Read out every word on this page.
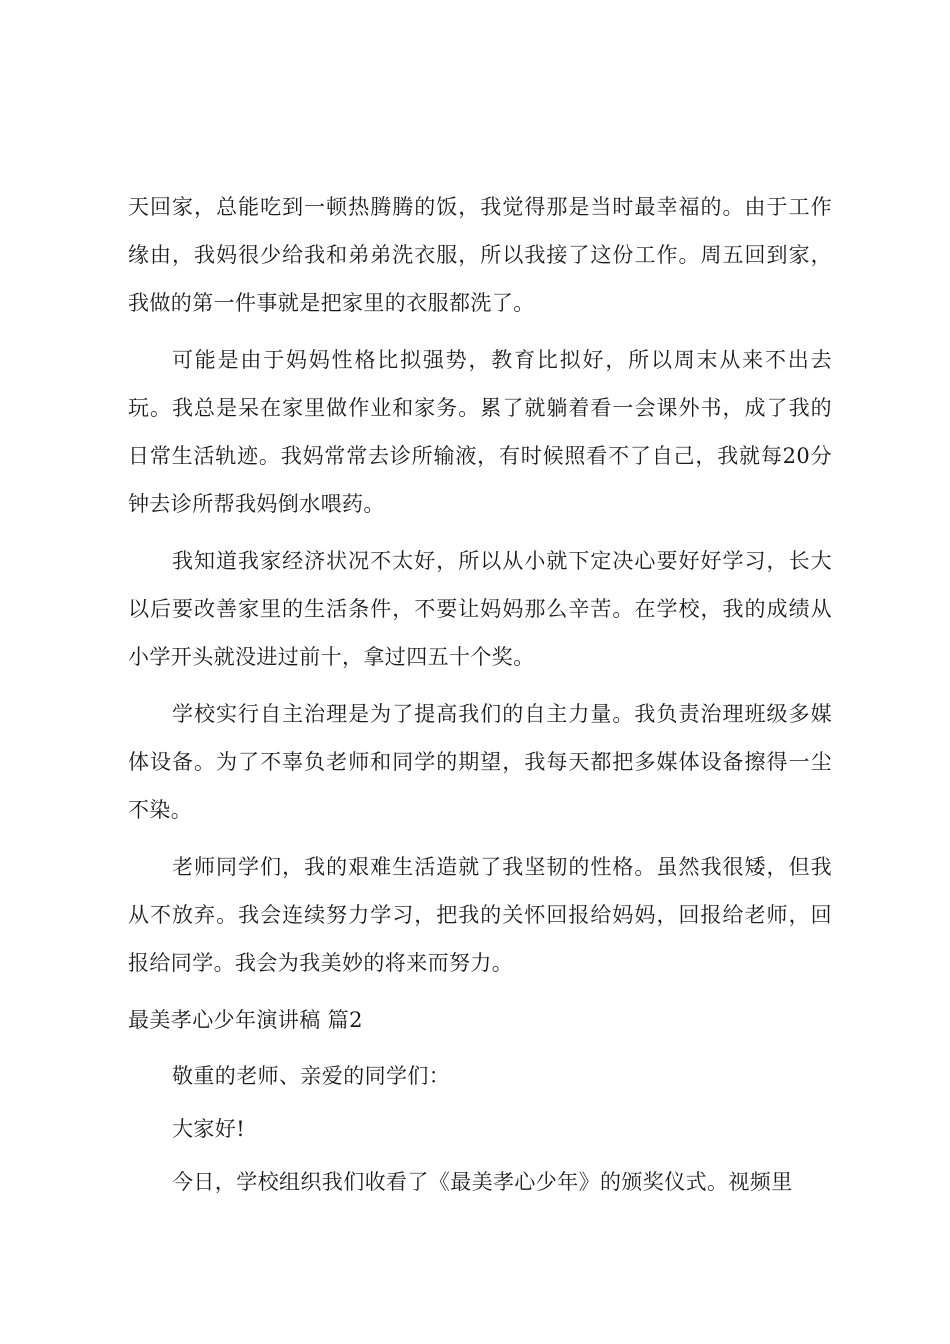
天回家，总能吃到一顿热腾腾的饭，我觉得那是当时最幸福的。由于工作缘由，我妈很少给我和弟弟洗衣服，所以我接了这份工作。周五回到家，我做的第一件事就是把家里的衣服都洗了。

可能是由于妈妈性格比拟强势，教育比拟好，所以周末从来不出去玩。我总是呆在家里做作业和家务。累了就躺着看一会课外书，成了我的日常生活轨迹。我妈常常去诊所输液，有时候照看不了自己，我就每20分钟去诊所帮我妈倒水喂药。

我知道我家经济状况不太好，所以从小就下定决心要好好学习，长大以后要改善家里的生活条件，不要让妈妈那么辛苦。在学校，我的成绩从小学开头就没进过前十，拿过四五十个奖。

学校实行自主治理是为了提高我们的自主力量。我负责治理班级多媒体设备。为了不辜负老师和同学的期望，我每天都把多媒体设备擦得一尘不染。

老师同学们，我的艰难生活造就了我坚韧的性格。虽然我很矮，但我从不放弃。我会连续努力学习，把我的关怀回报给妈妈，回报给老师，回报给同学。我会为我美妙的将来而努力。

最美孝心少年演讲稿 篇2

敬重的老师、亲爱的同学们：

大家好!

今日，学校组织我们收看了《最美孝心少年》的颁奖仪式。视频里
